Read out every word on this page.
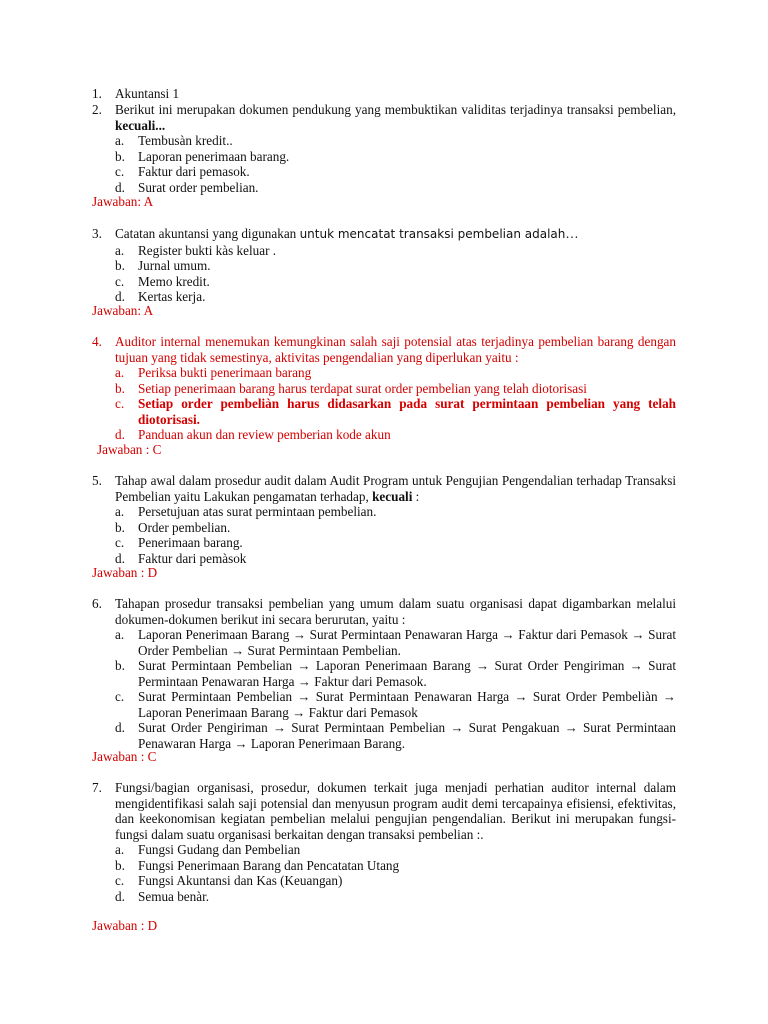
1. Akuntansi 1
2. Berikut ini merupakan dokumen pendukung yang membuktikan validitas terjadinya transaksi pembelian, kecuali...
a. Tembusàn kredit..
b. Laporan penerimaan barang.
c. Faktur dari pemasok.
d. Surat order pembelian.
Jawaban: A
3. Catatan akuntansi yang digunakan untuk mencatat transaksi pembelian adalah…
a. Register bukti kàs keluar .
b. Jurnal umum.
c. Memo kredit.
d. Kertas kerja.
Jawaban: A
4. Auditor internal menemukan kemungkinan salah saji potensial atas terjadinya pembelian barang dengan tujuan yang tidak semestinya, aktivitas pengendalian yang diperlukan yaitu :
a. Periksa bukti penerimaan barang
b. Setiap penerimaan barang harus terdapat surat order pembelian yang telah diotorisasi
c. Setiap order pembeliàn harus didasarkan pada surat permintaan pembelian yang telah diotorisasi.
d. Panduan akun dan review pemberian kode akun
Jawaban : C
5. Tahap awal dalam prosedur audit dalam Audit Program untuk Pengujian Pengendalian terhadap Transaksi Pembelian yaitu Lakukan pengamatan terhadap, kecuali :
a. Persetujuan atas surat permintaan pembelian.
b. Order pembelian.
c. Penerimaan barang.
d. Faktur dari pemàsok
Jawaban : D
6. Tahapan prosedur transaksi pembelian yang umum dalam suatu organisasi dapat digambarkan melalui dokumen-dokumen berikut ini secara berurutan, yaitu :
a. Laporan Penerimaan Barang → Surat Permintaan Penawaran Harga → Faktur dari Pemasok → Surat Order Pembelian → Surat Permintaan Pembelian.
b. Surat Permintaan Pembelian → Laporan Penerimaan Barang → Surat Order Pengiriman → Surat Permintaan Penawaran Harga → Faktur dari Pemasok.
c. Surat Permintaan Pembelian → Surat Permintaan Penawaran Harga → Surat Order Pembeliàn → Laporan Penerimaan Barang → Faktur dari Pemasok
d. Surat Order Pengiriman → Surat Permintaan Pembelian → Surat Pengakuan → Surat Permintaan Penawaran Harga → Laporan Penerimaan Barang.
Jawaban : C
7. Fungsi/bagian organisasi, prosedur, dokumen terkait juga menjadi perhatian auditor internal dalam mengidentifikasi salah saji potensial dan menyusun program audit demi tercapainya efisiensi, efektivitas, dan keekonomisan kegiatan pembelian melalui pengujian pengendalian. Berikut ini merupakan fungsi-fungsi dalam suatu organisasi berkaitan dengan transaksi pembelian :.
a. Fungsi Gudang dan Pembelian
b. Fungsi Penerimaan Barang dan Pencatatan Utang
c. Fungsi Akuntansi dan Kas (Keuangan)
d. Semua benàr.
Jawaban : D
